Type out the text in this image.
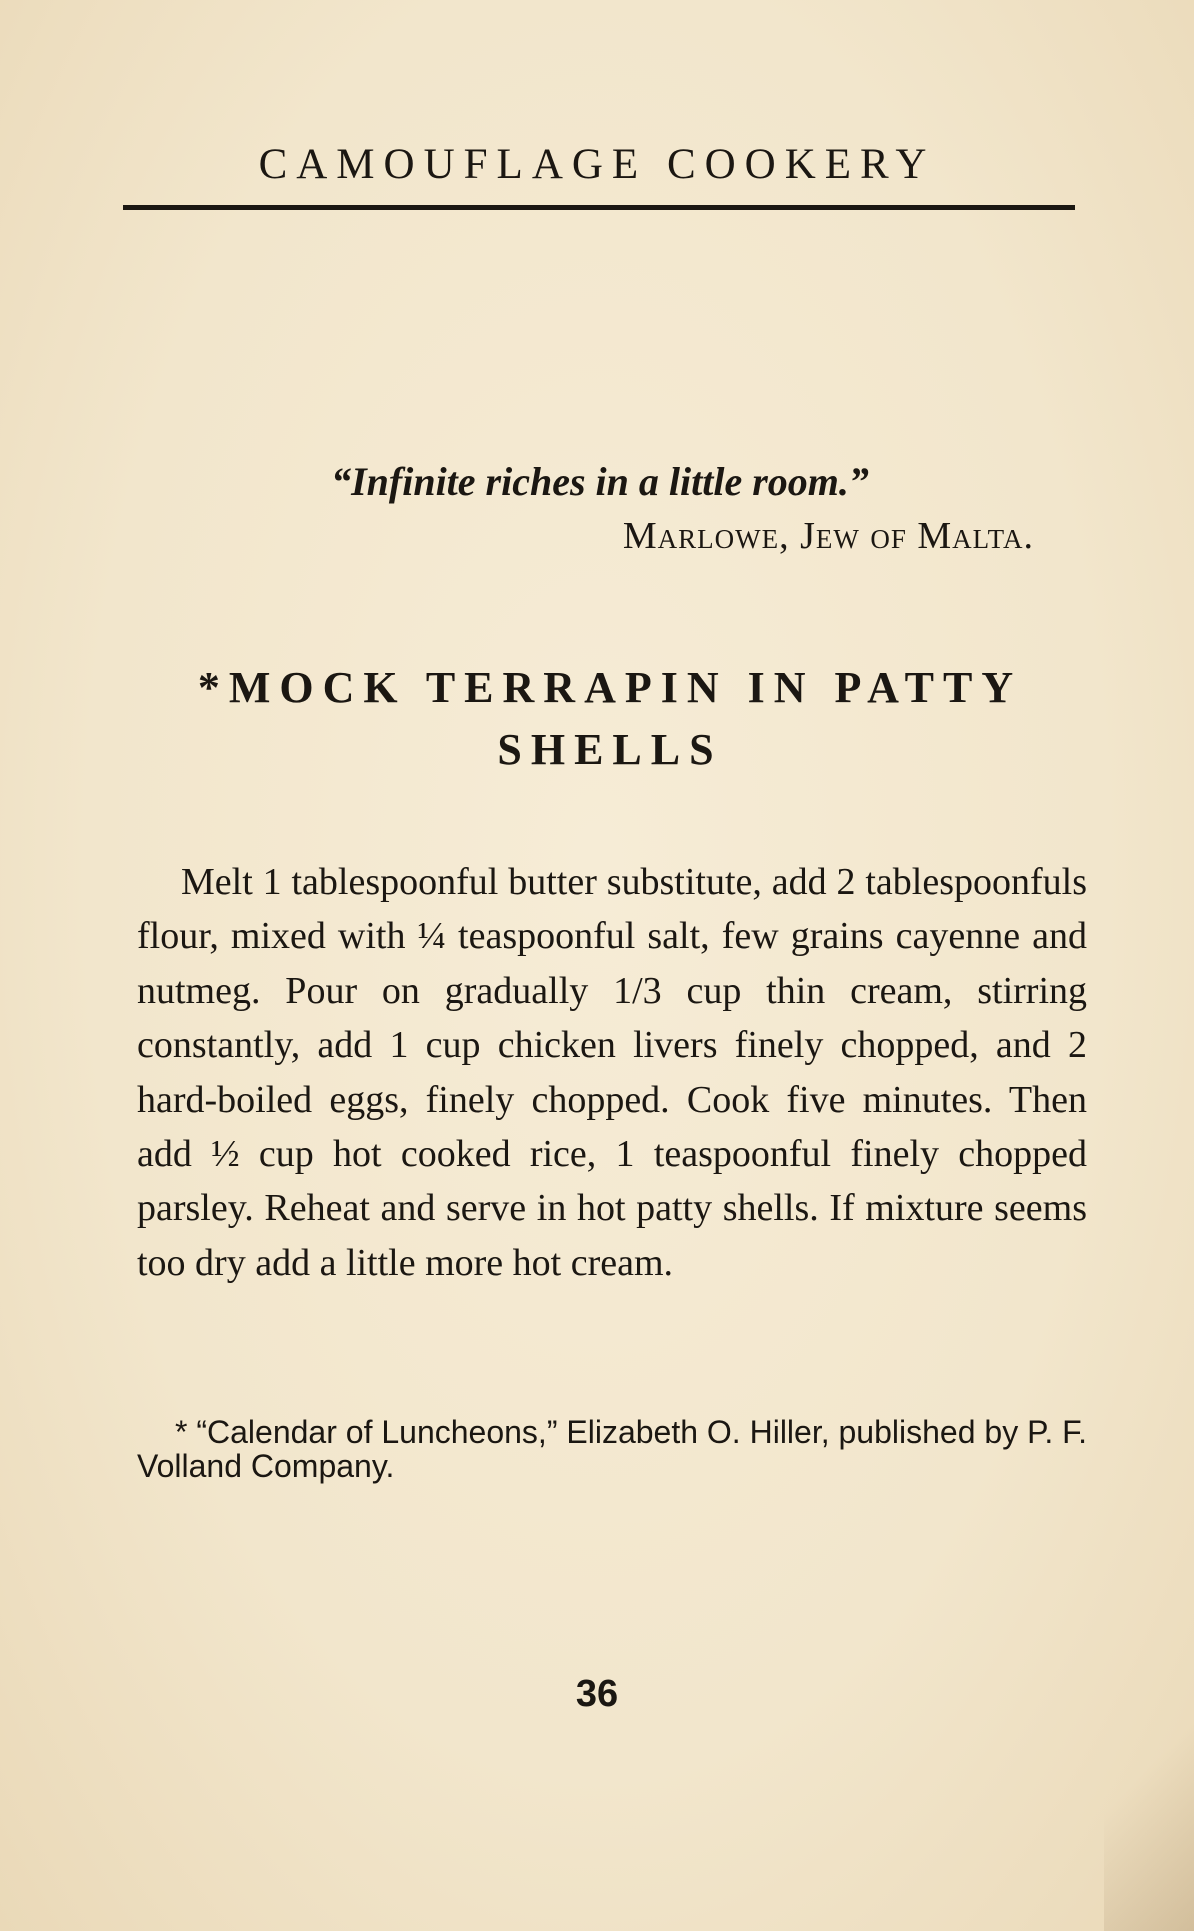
CAMOUFLAGE COOKERY
“Infinite riches in a little room.”
Marlowe, Jew of Malta.
*MOCK TERRAPIN IN PATTY SHELLS

Melt 1 tablespoonful butter substitute, add 2 tablespoonfuls flour, mixed with ¼ teaspoonful salt, few grains cayenne and nutmeg. Pour on gradually 1/3 cup thin cream, stirring constantly, add 1 cup chicken livers finely chopped, and 2 hard-boiled eggs, finely chopped. Cook five minutes. Then add ½ cup hot cooked rice, 1 teaspoonful finely chopped parsley. Reheat and serve in hot patty shells. If mixture seems too dry add a little more hot cream.

* “Calendar of Luncheons,” Elizabeth O. Hiller, published by P. F. Volland Company.

36
